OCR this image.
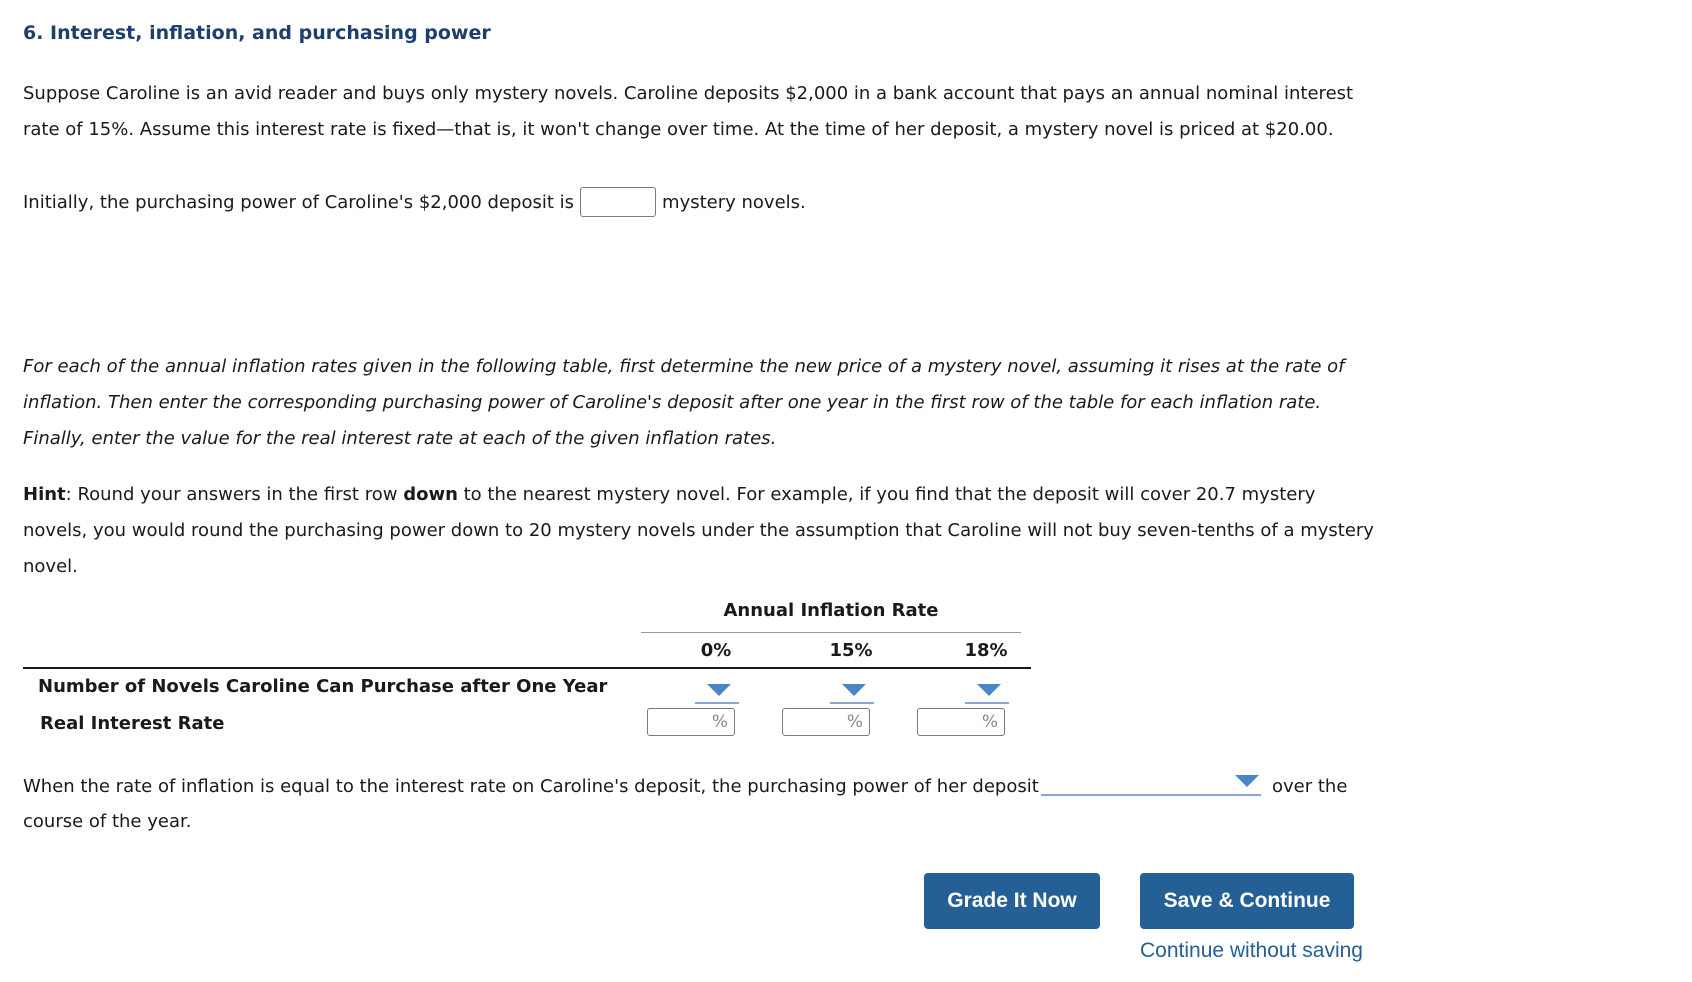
6. Interest, inflation, and purchasing power
Suppose Caroline is an avid reader and buys only mystery novels. Caroline deposits $2,000 in a bank account that pays an annual nominal interest
rate of 15%. Assume this interest rate is fixed—that is, it won't change over time. At the time of her deposit, a mystery novel is priced at $20.00.
Initially, the purchasing power of Caroline's $2,000 deposit is	mystery novels.
For each of the annual inflation rates given in the following table, first determine the new price of a mystery novel, assuming it rises at the rate of
inflation. Then enter the corresponding purchasing power of Caroline's deposit after one year in the first row of the table for each inflation rate.
Finally, enter the value for the real interest rate at each of the given inflation rates.
Hint: Round your answers in the first row down to the nearest mystery novel. For example, if you find that the deposit will cover 20.7 mystery
novels, you would round the purchasing power down to 20 mystery novels under the assumption that Caroline will not buy seven-tenths of a mystery
novel.
Annual Inflation Rate
0%	15%	18%
Number of Novels Caroline Can Purchase after One Year
Real Interest Rate	%	%	%
When the rate of inflation is equal to the interest rate on Caroline's deposit, the purchasing power of her deposit	over the
course of the year.
Grade It Now	Save & Continue
Continue without saving
